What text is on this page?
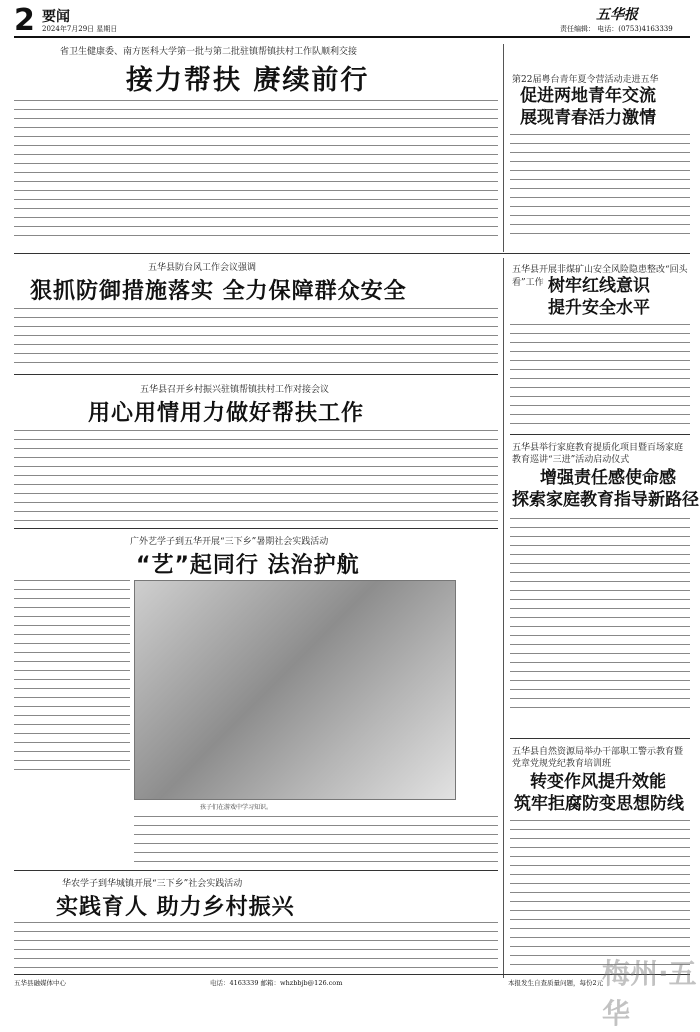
2 要闻
2024年7月29日 星期日
五华报
责任编辑： 电话：(0753)4163339
省卫生健康委、南方医科大学第一批与第二批驻镇帮镇扶村工作队顺利交接
接力帮扶 赓续前行	第22届粤台青年夏令营活动走进五华
促进两地青年交流
展现青春活力激情
五华县防台风工作会议强调
狠抓防御措施落实 全力保障群众安全
五华县开展非煤矿山安全风险隐患整改“回头看”工作 树牢红线意识
提升安全水平
五华县召开乡村振兴驻镇帮镇扶村工作对接会议
用心用情用力做好帮扶工作
五华县举行家庭教育提质化项目暨百场家庭教育巡讲“三进”活动启动仪式
增强责任感使命感
探索家庭教育指导新路径
广外艺学子到五华开展“三下乡”暑期社会实践活动
“艺”起同行 法治护航
孩子们在游戏中学习知识。
五华县自然资源局举办干部职工警示教育暨党章党规党纪教育培训班
转变作风提升效能
筑牢拒腐防变思想防线
华农学子到华城镇开展“三下乡”社会实践活动
实践育人 助力乡村振兴
五华县融媒体中心	电话：4163339 邮箱：whzbbjb@126.com	本报发生自查质量问题，每份2元
梅州·五华
